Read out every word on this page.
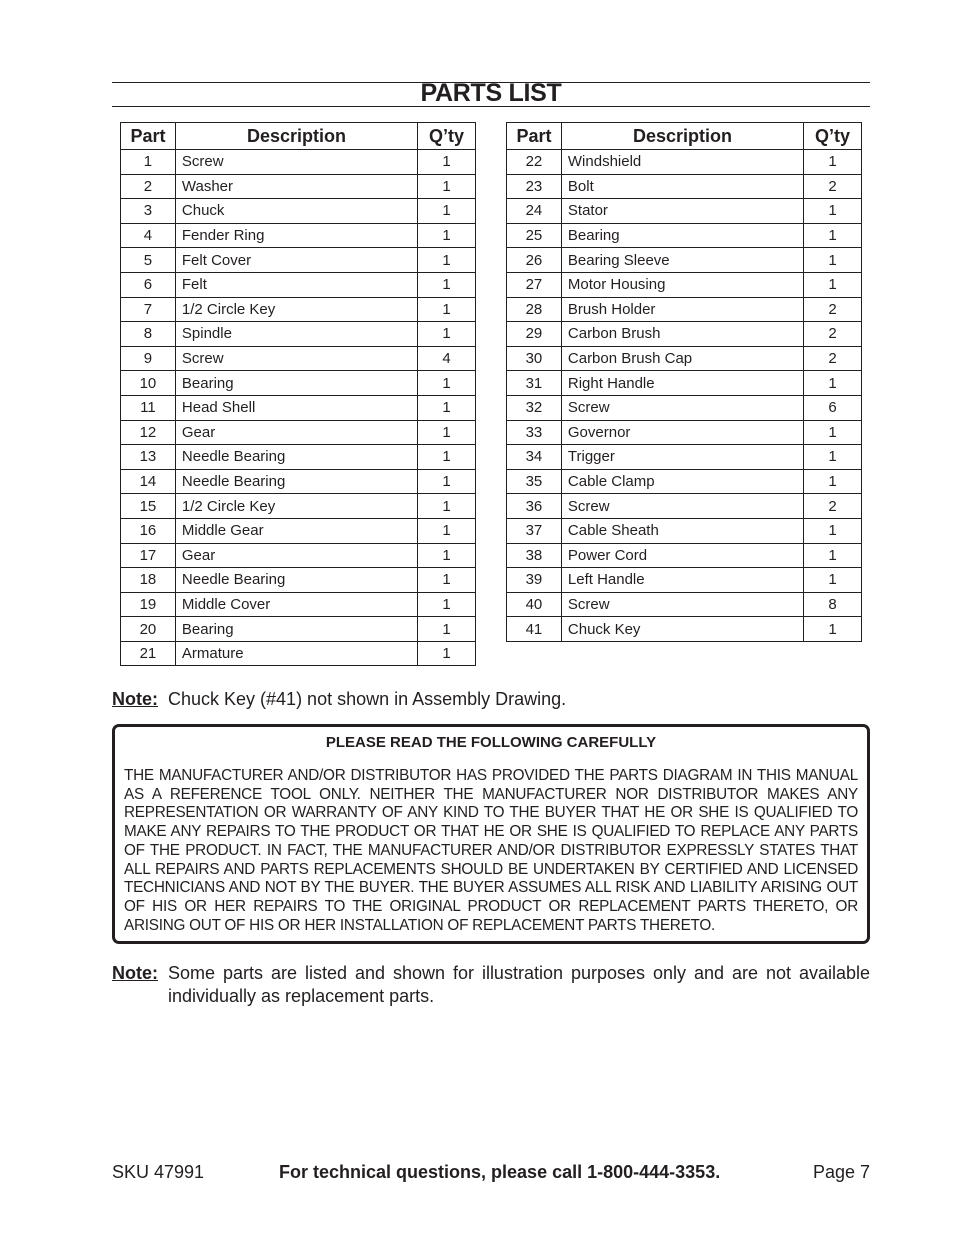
PARTS LIST
Part	Description	Q’ty
1	Screw	1
2	Washer	1
3	Chuck	1
4	Fender Ring	1
5	Felt Cover	1
6	Felt	1
7	1/2 Circle Key	1
8	Spindle	1
9	Screw	4
10	Bearing	1
11	Head Shell	1
12	Gear	1
13	Needle Bearing	1
14	Needle Bearing	1
15	1/2 Circle Key	1
16	Middle Gear	1
17	Gear	1
18	Needle Bearing	1
19	Middle Cover	1
20	Bearing	1
21	Armature	1
Part	Description	Q’ty
22	Windshield	1
23	Bolt	2
24	Stator	1
25	Bearing	1
26	Bearing Sleeve	1
27	Motor Housing	1
28	Brush Holder	2
29	Carbon Brush	2
30	Carbon Brush Cap	2
31	Right Handle	1
32	Screw	6
33	Governor	1
34	Trigger	1
35	Cable Clamp	1
36	Screw	2
37	Cable Sheath	1
38	Power Cord	1
39	Left Handle	1
40	Screw	8
41	Chuck Key	1
Note: Chuck Key (#41) not shown in Assembly Drawing.
PLEASE READ THE FOLLOWING CAREFULLY
THE MANUFACTURER AND/OR DISTRIBUTOR HAS PROVIDED THE PARTS DIAGRAM IN THIS MANUAL AS A REFERENCE TOOL ONLY. NEITHER THE MANUFACTURER NOR DISTRIBUTOR MAKES ANY REPRESENTATION OR WARRANTY OF ANY KIND TO THE BUYER THAT HE OR SHE IS QUALIFIED TO MAKE ANY REPAIRS TO THE PRODUCT OR THAT HE OR SHE IS QUALIFIED TO REPLACE ANY PARTS OF THE PRODUCT. IN FACT, THE MANUFACTURER AND/OR DISTRIBUTOR EXPRESSLY STATES THAT ALL REPAIRS AND PARTS REPLACEMENTS SHOULD BE UNDERTAKEN BY CERTIFIED AND LICENSED TECHNICIANS AND NOT BY THE BUYER. THE BUYER ASSUMES ALL RISK AND LIABILITY ARISING OUT OF HIS OR HER REPAIRS TO THE ORIGINAL PRODUCT OR REPLACEMENT PARTS THERETO, OR ARISING OUT OF HIS OR HER INSTALLATION OF REPLACEMENT PARTS THERETO.
Note: Some parts are listed and shown for illustration purposes only and are not available individually as replacement parts.
SKU 47991	For technical questions, please call 1-800-444-3353.	Page 7
